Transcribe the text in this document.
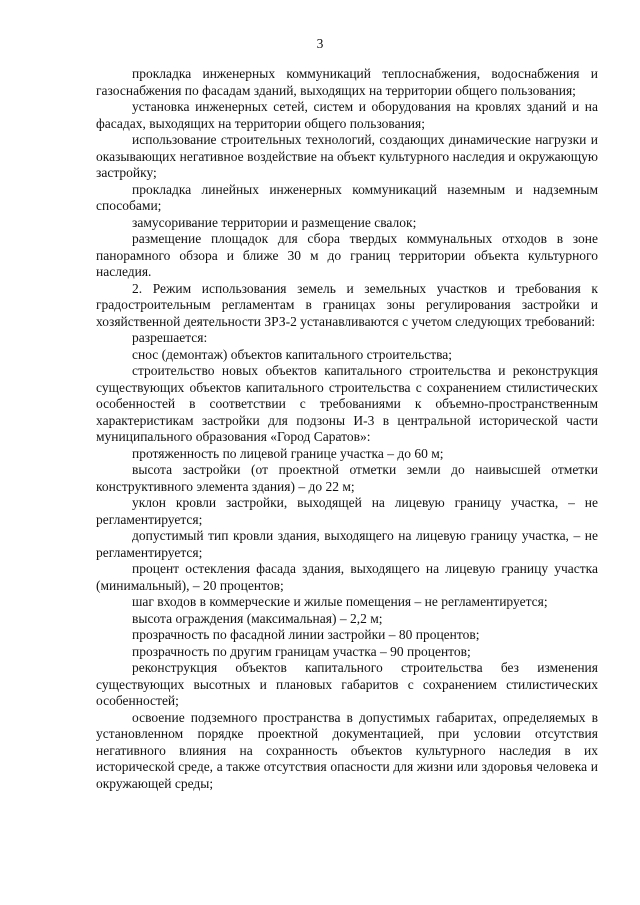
3

прокладка инженерных коммуникаций теплоснабжения, водоснабжения и газоснабжения по фасадам зданий, выходящих на территории общего пользования;

установка инженерных сетей, систем и оборудования на кровлях зданий и на фасадах, выходящих на территории общего пользования;

использование строительных технологий, создающих динамические нагрузки и оказывающих негативное воздействие на объект культурного наследия и окружающую застройку;

прокладка линейных инженерных коммуникаций наземным и надземным способами;

замусоривание территории и размещение свалок;

размещение площадок для сбора твердых коммунальных отходов в зоне панорамного обзора и ближе 30 м до границ территории объекта культурного наследия.

2. Режим использования земель и земельных участков и требования к градостроительным регламентам в границах зоны регулирования застройки и хозяйственной деятельности ЗРЗ-2 устанавливаются с учетом следующих требований:

разрешается:

снос (демонтаж) объектов капитального строительства;

строительство новых объектов капитального строительства и реконструкция существующих объектов капитального строительства с сохранением стилистических особенностей в соответствии с требованиями к объемно-пространственным характеристикам застройки для подзоны И-3 в центральной исторической части муниципального образования «Город Саратов»:

протяженность по лицевой границе участка – до 60 м;

высота застройки (от проектной отметки земли до наивысшей отметки конструктивного элемента здания) – до 22 м;

уклон кровли застройки, выходящей на лицевую границу участка, – не регламентируется;

допустимый тип кровли здания, выходящего на лицевую границу участка, – не регламентируется;

процент остекления фасада здания, выходящего на лицевую границу участка (минимальный), – 20 процентов;

шаг входов в коммерческие и жилые помещения – не регламентируется;

высота ограждения (максимальная) – 2,2 м;

прозрачность по фасадной линии застройки – 80 процентов;

прозрачность по другим границам участка – 90 процентов;

реконструкция объектов капитального строительства без изменения существующих высотных и плановых габаритов с сохранением стилистических особенностей;

освоение подземного пространства в допустимых габаритах, определяемых в установленном порядке проектной документацией, при условии отсутствия негативного влияния на сохранность объектов культурного наследия в их исторической среде, а также отсутствия опасности для жизни или здоровья человека и окружающей среды;
